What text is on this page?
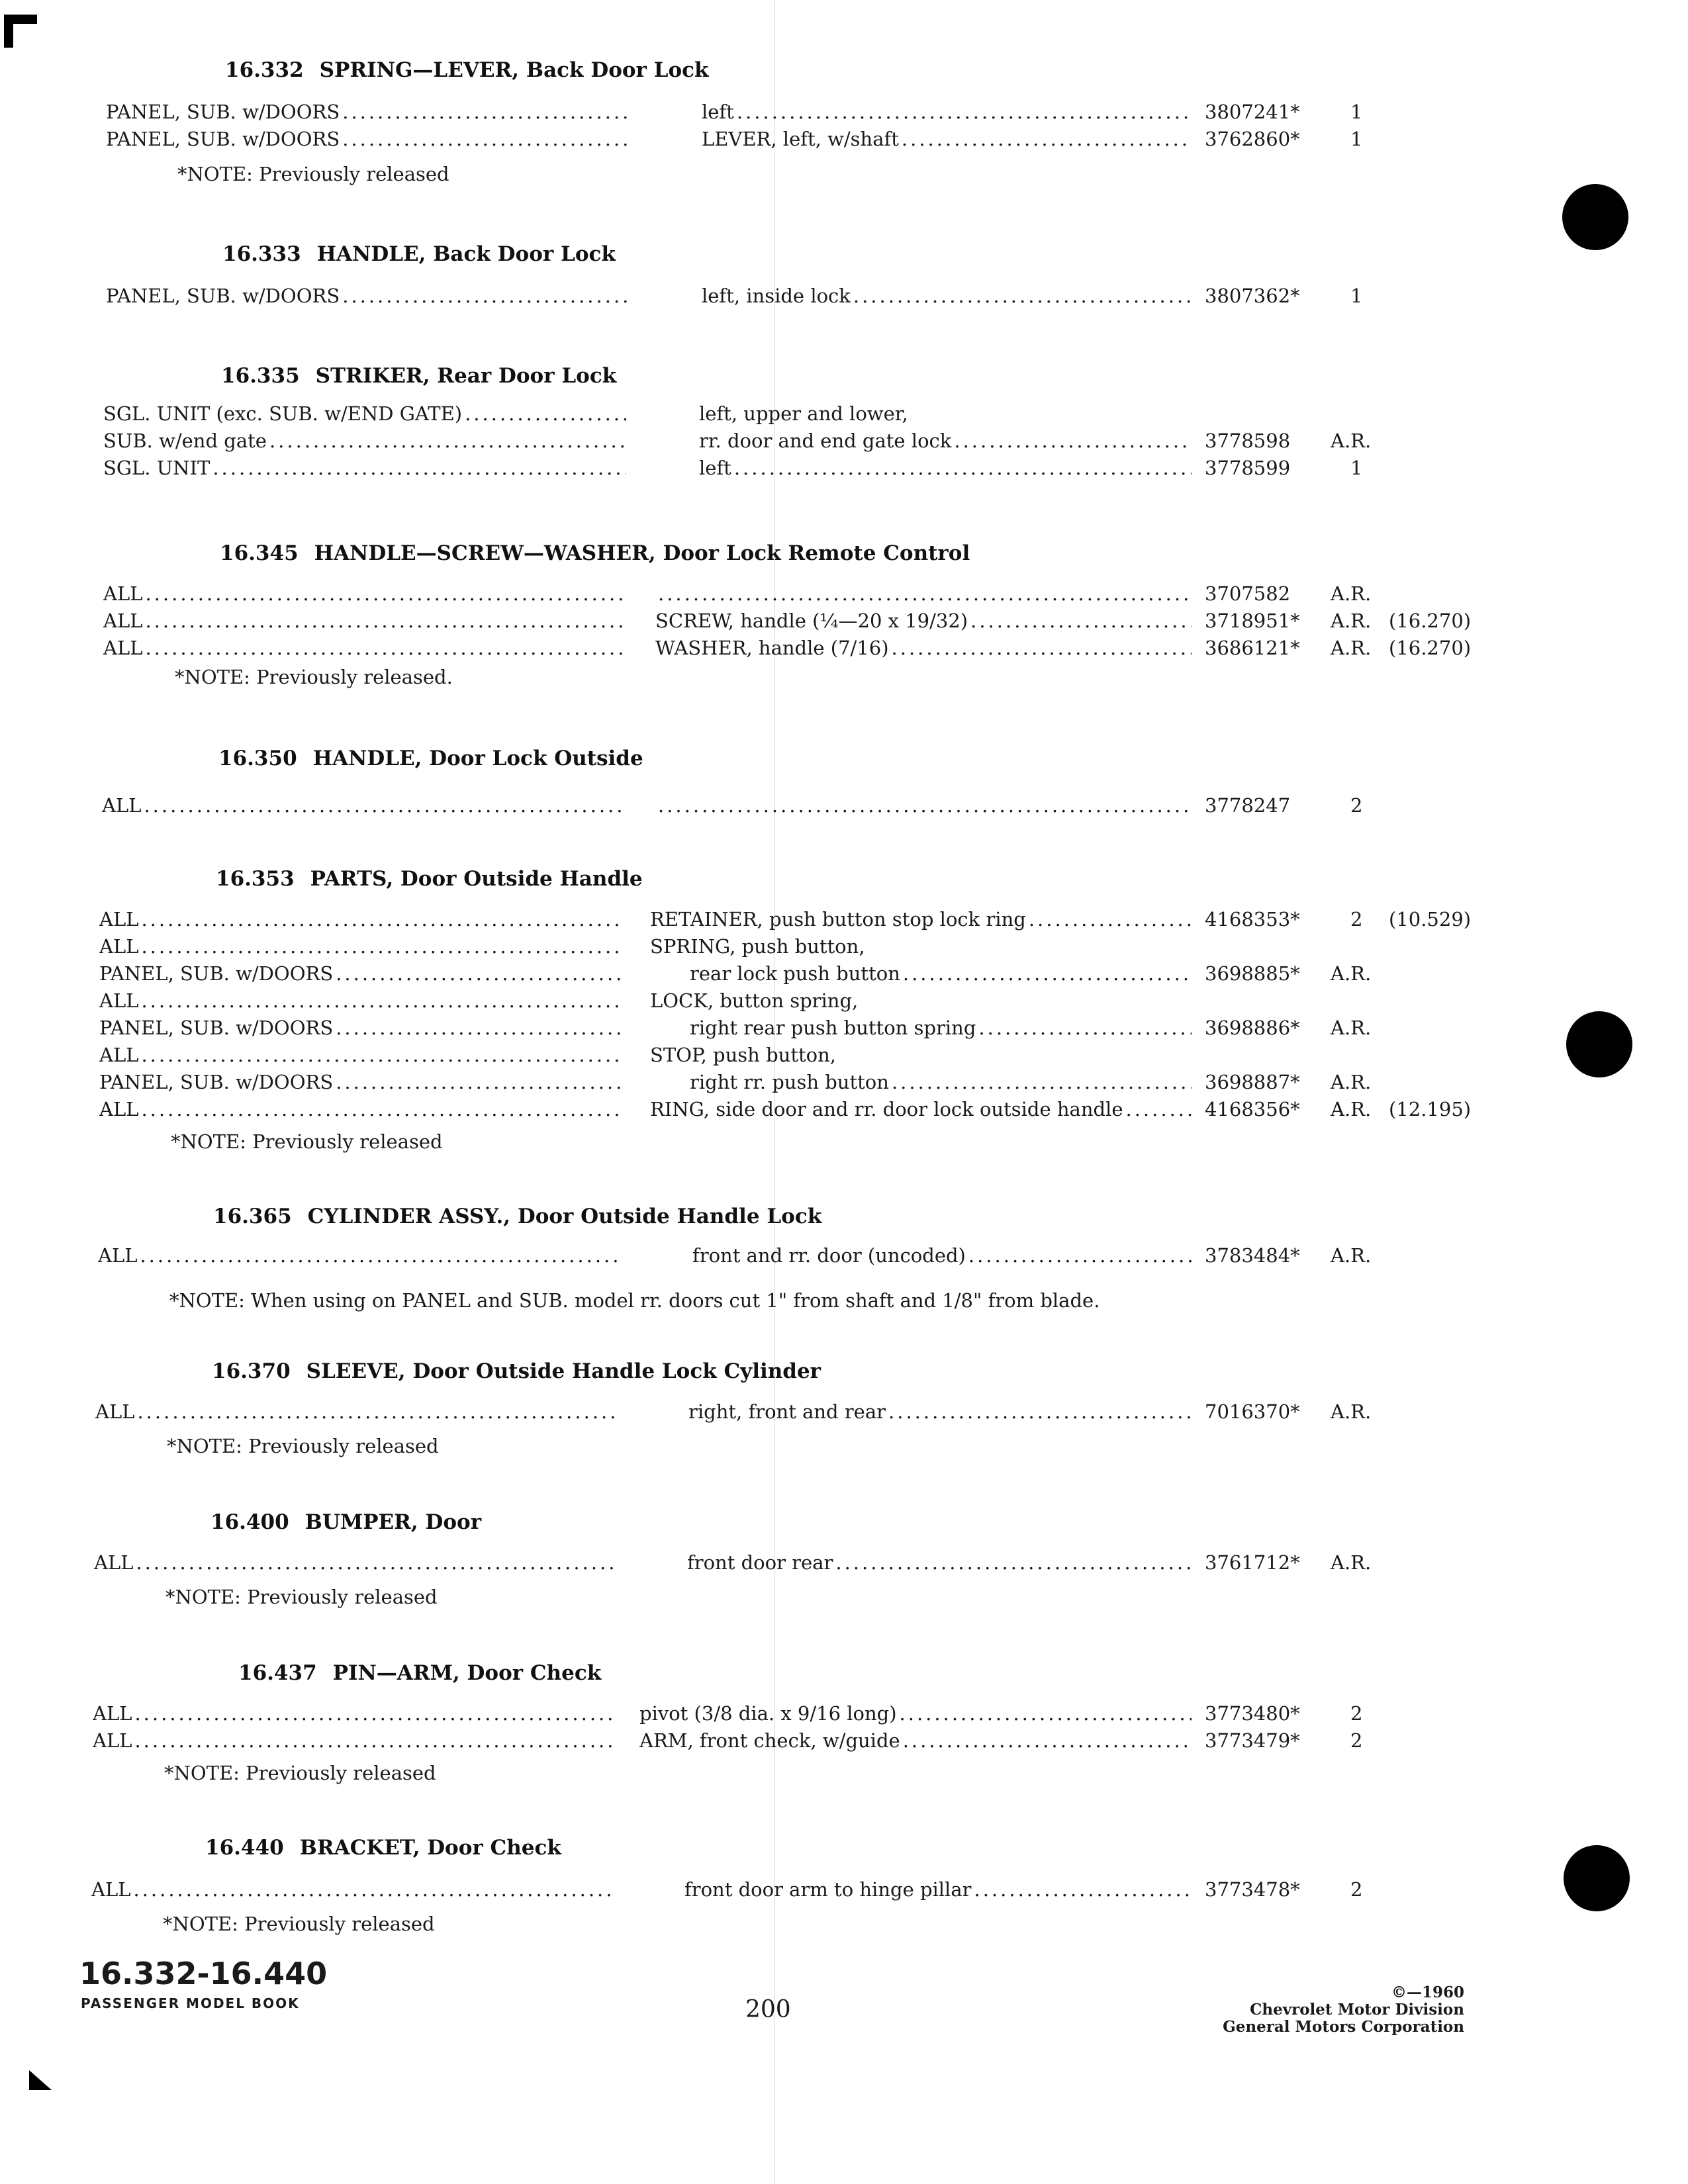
16.332 SPRING—LEVER, Back Door Lock
PANEL, SUB. w/DOORS .....	left .....	3807241*	1
PANEL, SUB. w/DOORS .....	LEVER, left, w/shaft .....	3762860*	1
*NOTE: Previously released
16.333 HANDLE, Back Door Lock
PANEL, SUB. w/DOORS .....	left, inside lock .....	3807362*	1
16.335 STRIKER, Rear Door Lock
SGL. UNIT (exc. SUB. w/END GATE) .....	left, upper and lower,
SUB. w/end gate .....	rr. door and end gate lock .....	3778598 A.R.
SGL. UNIT .....	left .....	3778599	1
16.345 HANDLE—SCREW—WASHER, Door Lock Remote Control
ALL ..... .....	3707582 A.R.
ALL .....	SCREW, handle (¼—20 x 19/32) .....	3718951* A.R. (16.270)
ALL .....	WASHER, handle (7/16) .....	3686121* A.R. (16.270)
*NOTE: Previously released.
16.350 HANDLE, Door Lock Outside
ALL ..... .....	3778247	2
16.353 PARTS, Door Outside Handle
ALL .....	RETAINER, push button stop lock ring .....	4168353*	2 (10.529)
ALL .....	SPRING, push button,
PANEL, SUB. w/DOORS .....	rear lock push button .....	3698885* A.R.
ALL .....	LOCK, button spring,
PANEL, SUB. w/DOORS .....	right rear push button spring .....	3698886* A.R.
ALL .....	STOP, push button,
PANEL, SUB. w/DOORS .....	right rr. push button .....	3698887* A.R.
ALL .....	RING, side door and rr. door lock outside handle .....	4168356* A.R. (12.195)
*NOTE: Previously released
16.365 CYLINDER ASSY., Door Outside Handle Lock
ALL .....	front and rr. door (uncoded) .....	3783484* A.R.
*NOTE: When using on PANEL and SUB. model rr. doors cut 1" from shaft and 1/8" from blade.
16.370 SLEEVE, Door Outside Handle Lock Cylinder
ALL .....	right, front and rear .....	7016370* A.R.
*NOTE: Previously released
16.400 BUMPER, Door
ALL .....	front door rear .....	3761712* A.R.
*NOTE: Previously released
16.437 PIN—ARM, Door Check
ALL .....	pivot (3/8 dia. x 9/16 long) .....	3773480*	2
ALL .....	ARM, front check, w/guide .....	3773479*	2
*NOTE: Previously released
16.440 BRACKET, Door Check
ALL .....	front door arm to hinge pillar .....	3773478*	2
*NOTE: Previously released
16.332-16.440
PASSENGER MODEL BOOK	200
©—1960
Chevrolet Motor Division
General Motors Corporation
